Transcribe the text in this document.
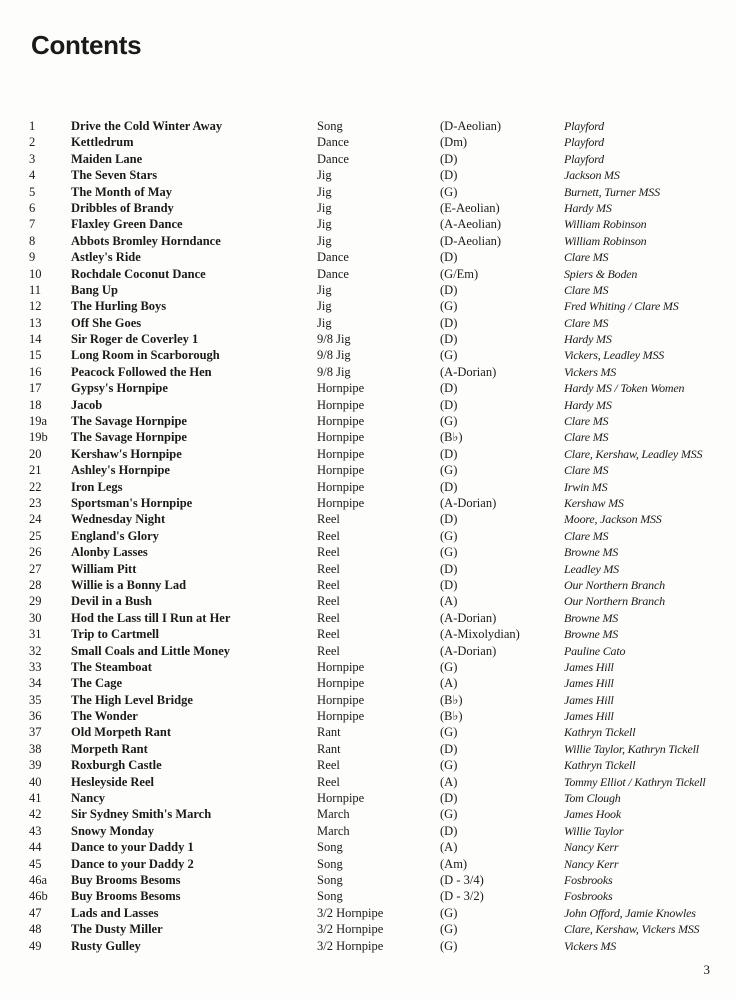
Contents
1	Drive the Cold Winter Away	Song	(D-Aeolian)	Playford
2	Kettledrum	Dance	(Dm)	Playford
3	Maiden Lane	Dance	(D)	Playford
4	The Seven Stars	Jig	(D)	Jackson MS
5	The Month of May	Jig	(G)	Burnett, Turner MSS
6	Dribbles of Brandy	Jig	(E-Aeolian)	Hardy MS
7	Flaxley Green Dance	Jig	(A-Aeolian)	William Robinson
8	Abbots Bromley Horndance	Jig	(D-Aeolian)	William Robinson
9	Astley's Ride	Dance	(D)	Clare MS
10 Rochdale Coconut Dance	Dance	(G/Em)	Spiers & Boden
11 Bang Up	Jig	(D)	Clare MS
12 The Hurling Boys	Jig	(G)	Fred Whiting / Clare MS
13 Off She Goes	Jig	(D)	Clare MS
14 Sir Roger de Coverley 1	9/8 Jig	(D)	Hardy MS
15 Long Room in Scarborough	9/8 Jig	(G)	Vickers, Leadley MSS
16 Peacock Followed the Hen	9/8 Jig	(A-Dorian)	Vickers MS
17 Gypsy's Hornpipe	Hornpipe	(D)	Hardy MS / Token Women
18 Jacob	Hornpipe	(D)	Hardy MS
19a The Savage Hornpipe	Hornpipe	(G)	Clare MS
19b The Savage Hornpipe	Hornpipe	(B♭)	Clare MS
20 Kershaw's Hornpipe	Hornpipe	(D)	Clare, Kershaw, Leadley MSS
21 Ashley's Hornpipe	Hornpipe	(G)	Clare MS
22 Iron Legs	Hornpipe	(D)	Irwin MS
23 Sportsman's Hornpipe	Hornpipe	(A-Dorian)	Kershaw MS
24 Wednesday Night	Reel	(D)	Moore, Jackson MSS
25 England's Glory	Reel	(G)	Clare MS
26 Alonby Lasses	Reel	(G)	Browne MS
27 William Pitt	Reel	(D)	Leadley MS
28 Willie is a Bonny Lad	Reel	(D)	Our Northern Branch
29 Devil in a Bush	Reel	(A)	Our Northern Branch
30 Hod the Lass till I Run at Her	Reel	(A-Dorian)	Browne MS
31 Trip to Cartmell	Reel	(A-Mixolydian)	Browne MS
32 Small Coals and Little Money	Reel	(A-Dorian)	Pauline Cato
33 The Steamboat	Hornpipe	(G)	James Hill
34 The Cage	Hornpipe	(A)	James Hill
35 The High Level Bridge	Hornpipe	(B♭)	James Hill
36 The Wonder	Hornpipe	(B♭)	James Hill
37 Old Morpeth Rant	Rant	(G)	Kathryn Tickell
38 Morpeth Rant	Rant	(D)	Willie Taylor, Kathryn Tickell
39 Roxburgh Castle	Reel	(G)	Kathryn Tickell
40 Hesleyside Reel	Reel	(A)	Tommy Elliot / Kathryn Tickell
41 Nancy	Hornpipe	(D)	Tom Clough
42 Sir Sydney Smith's March	March	(G)	James Hook
43 Snowy Monday	March	(D)	Willie Taylor
44 Dance to your Daddy 1	Song	(A)	Nancy Kerr
45 Dance to your Daddy 2	Song	(Am)	Nancy Kerr
46a Buy Brooms Besoms	Song	(D - 3/4)	Fosbrooks
46b Buy Brooms Besoms	Song	(D - 3/2)	Fosbrooks
47 Lads and Lasses	3/2 Hornpipe	(G)	John Offord, Jamie Knowles
48 The Dusty Miller	3/2 Hornpipe	(G)	Clare, Kershaw, Vickers MSS
49 Rusty Gulley	3/2 Hornpipe	(G)	Vickers MS
3
